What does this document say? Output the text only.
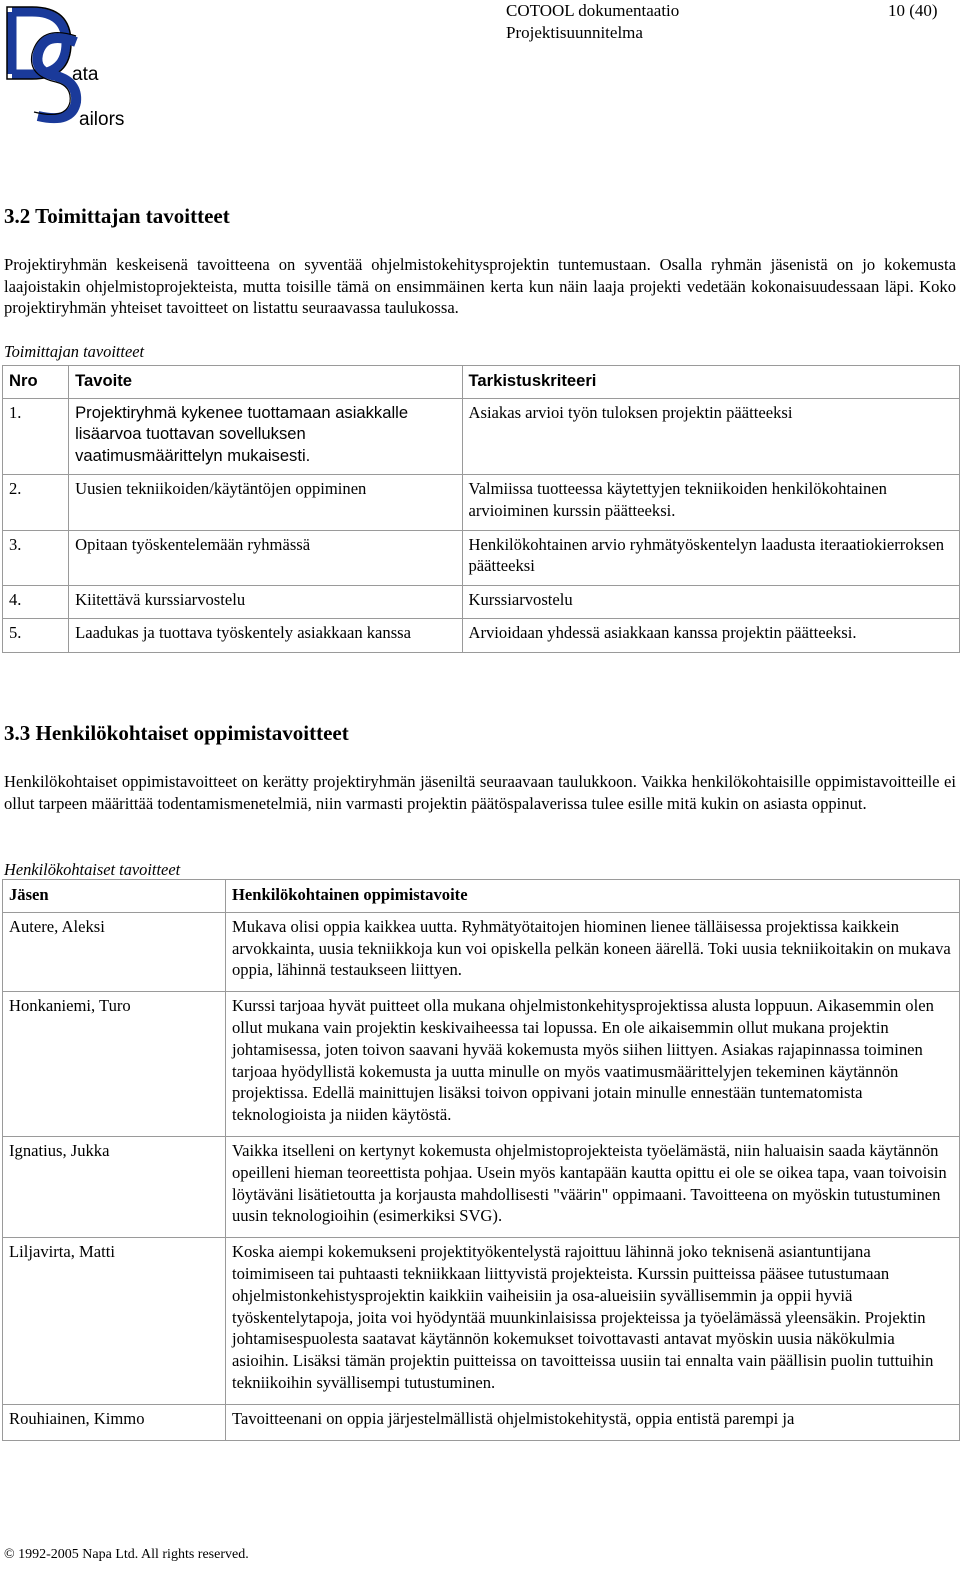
ata
ailors
COTOOL dokumentaatio
Projektisuunnitelma
10 (40)
3.2 Toimittajan tavoitteet

Projektiryhmän keskeisenä tavoitteena on syventää ohjelmistokehitysprojektin tuntemustaan. Osalla ryhmän jäsenistä on jo kokemusta laajoistakin ohjelmistoprojekteista, mutta toisille tämä on ensimmäinen kerta kun näin laaja projekti vedetään kokonaisuudessaan läpi. Koko projektiryhmän yhteiset tavoitteet on listattu seuraavassa taulukossa.

Toimittajan tavoitteet
Nro	Tavoite	Tarkistuskriteeri
1.	Projektiryhmä kykenee tuottamaan asiakkalle lisäarvoa tuottavan sovelluksen vaatimusmäärittelyn mukaisesti.	Asiakas arvioi työn tuloksen projektin päätteeksi
2.	Uusien tekniikoiden/käytäntöjen oppiminen	Valmiissa tuotteessa käytettyjen tekniikoiden henkilökohtainen arvioiminen kurssin päätteeksi.
3.	Opitaan työskentelemään ryhmässä	Henkilökohtainen arvio ryhmätyöskentelyn laadusta iteraatiokierroksen päätteeksi
4.	Kiitettävä kurssiarvostelu	Kurssiarvostelu
5.	Laadukas ja tuottava työskentely asiakkaan kanssa	Arvioidaan yhdessä asiakkaan kanssa projektin päätteeksi.
3.3 Henkilökohtaiset oppimistavoitteet

Henkilökohtaiset oppimistavoitteet on kerätty projektiryhmän jäseniltä seuraavaan taulukkoon. Vaikka henkilökohtaisille oppimistavoitteille ei ollut tarpeen määrittää todentamismenetelmiä, niin varmasti projektin päätöspalaverissa tulee esille mitä kukin on asiasta oppinut.

Henkilökohtaiset tavoitteet
Jäsen	Henkilökohtainen oppimistavoite
Autere, Aleksi	Mukava olisi oppia kaikkea uutta. Ryhmätyötaitojen hiominen lienee tälläisessa projektissa kaikkein arvokkainta, uusia tekniikkoja kun voi opiskella pelkän koneen äärellä. Toki uusia tekniikoitakin on mukava oppia, lähinnä testaukseen liittyen.
Honkaniemi, Turo	Kurssi tarjoaa hyvät puitteet olla mukana ohjelmistonkehitysprojektissa alusta loppuun. Aikasemmin olen ollut mukana vain projektin keskivaiheessa tai lopussa. En ole aikaisemmin ollut mukana projektin johtamisessa, joten toivon saavani hyvää kokemusta myös siihen liittyen. Asiakas rajapinnassa toiminen tarjoaa hyödyllistä kokemusta ja uutta minulle on myös vaatimusmäärittelyjen tekeminen käytännön projektissa. Edellä mainittujen lisäksi toivon oppivani jotain minulle ennestään tuntematomista teknologioista ja niiden käytöstä.
Ignatius, Jukka	Vaikka itselleni on kertynyt kokemusta ohjelmistoprojekteista työelämästä, niin haluaisin saada käytännön opeilleni hieman teoreettista pohjaa. Usein myös kantapään kautta opittu ei ole se oikea tapa, vaan toivoisin löytäväni lisätietoutta ja korjausta mahdollisesti "väärin" oppimaani. Tavoitteena on myöskin tutustuminen uusin teknologioihin (esimerkiksi SVG).
Liljavirta, Matti	Koska aiempi kokemukseni projektityökentelystä rajoittuu lähinnä joko teknisenä asiantuntijana toimimiseen tai puhtaasti tekniikkaan liittyvistä projekteista. Kurssin puitteissa pääsee tutustumaan ohjelmistonkehistysprojektin kaikkiin vaiheisiin ja osa-alueisiin syvällisemmin ja oppii hyviä työskentelytapoja, joita voi hyödyntää muunkinlaisissa projekteissa ja työelämässä yleensäkin. Projektin johtamisespuolesta saatavat käytännön kokemukset toivottavasti antavat myöskin uusia näkökulmia asioihin. Lisäksi tämän projektin puitteissa on tavoitteissa uusiin tai ennalta vain päällisin puolin tuttuihin tekniikoihin syvällisempi tutustuminen.
Rouhiainen, Kimmo	Tavoitteenani on oppia järjestelmällistä ohjelmistokehitystä, oppia entistä parempi ja
© 1992-2005 Napa Ltd. All rights reserved.
